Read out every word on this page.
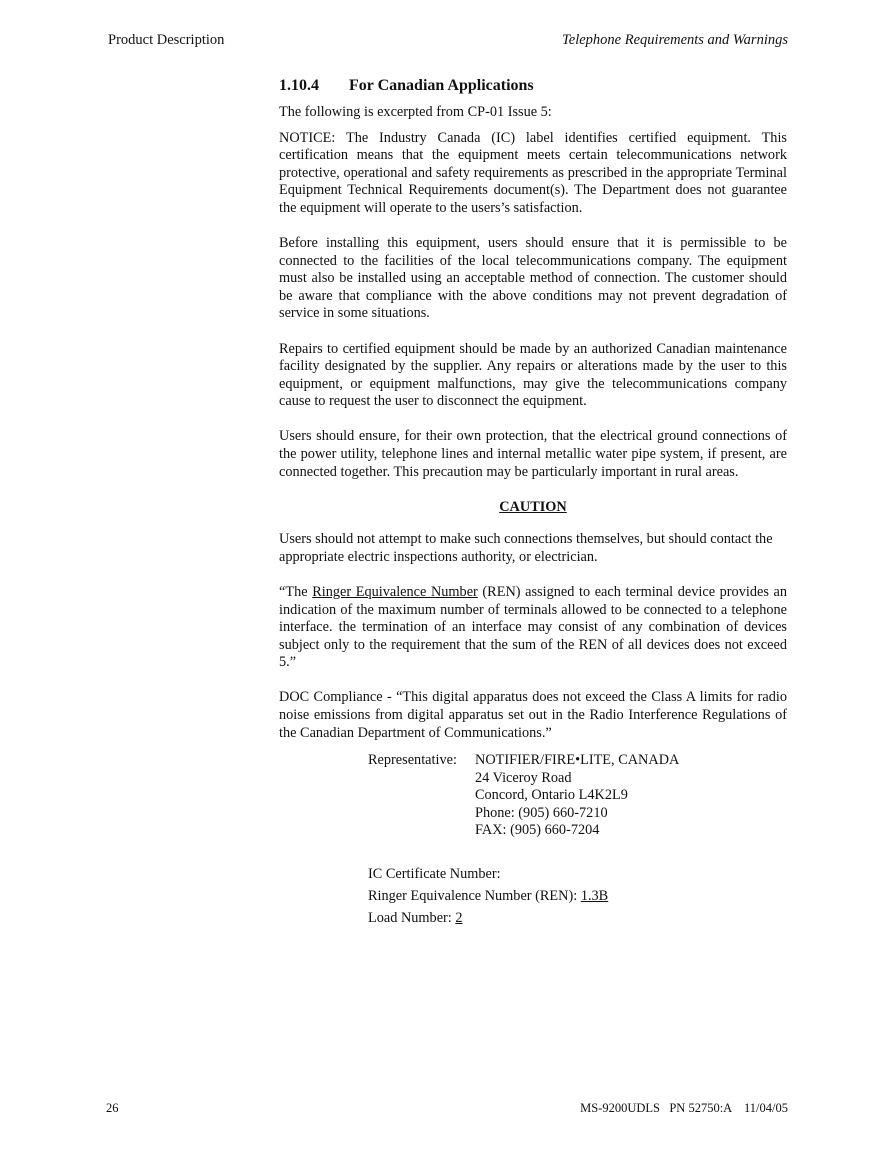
Product Description	Telephone Requirements and Warnings
1.10.4 For Canadian Applications

The following is excerpted from CP-01 Issue 5:

NOTICE: The Industry Canada (IC) label identifies certified equipment. This certification means that the equipment meets certain telecommunications network protective, operational and safety requirements as prescribed in the appropriate Terminal Equipment Technical Requirements document(s). The Department does not guarantee the equipment will operate to the users’s satisfaction.

Before installing this equipment, users should ensure that it is permissible to be connected to the facilities of the local telecommunications company. The equipment must also be installed using an acceptable method of connection. The customer should be aware that compliance with the above conditions may not prevent degradation of service in some situations.

Repairs to certified equipment should be made by an authorized Canadian maintenance facility designated by the supplier. Any repairs or alterations made by the user to this equipment, or equipment malfunctions, may give the telecommunications company cause to request the user to disconnect the equipment.

Users should ensure, for their own protection, that the electrical ground connections of the power utility, telephone lines and internal metallic water pipe system, if present, are connected together. This precaution may be particularly important in rural areas.

CAUTION

Users should not attempt to make such connections themselves, but should contact the appropriate electric inspections authority, or electrician.

“The Ringer Equivalence Number (REN) assigned to each terminal device provides an indication of the maximum number of terminals allowed to be connected to a telephone interface. the termination of an interface may consist of any combination of devices subject only to the requirement that the sum of the REN of all devices does not exceed 5.”

DOC Compliance - “This digital apparatus does not exceed the Class A limits for radio noise emissions from digital apparatus set out in the Radio Interference Regulations of the Canadian Department of Communications.”

Representative: NOTIFIER/FIRE•LITE, CANADA
24 Viceroy Road
Concord, Ontario L4K2L9
Phone: (905) 660-7210
FAX: (905) 660-7204
IC Certificate Number:
Ringer Equivalence Number (REN): 1.3B
Load Number: 2
26	MS-9200UDLS   PN 52750:A    11/04/05
